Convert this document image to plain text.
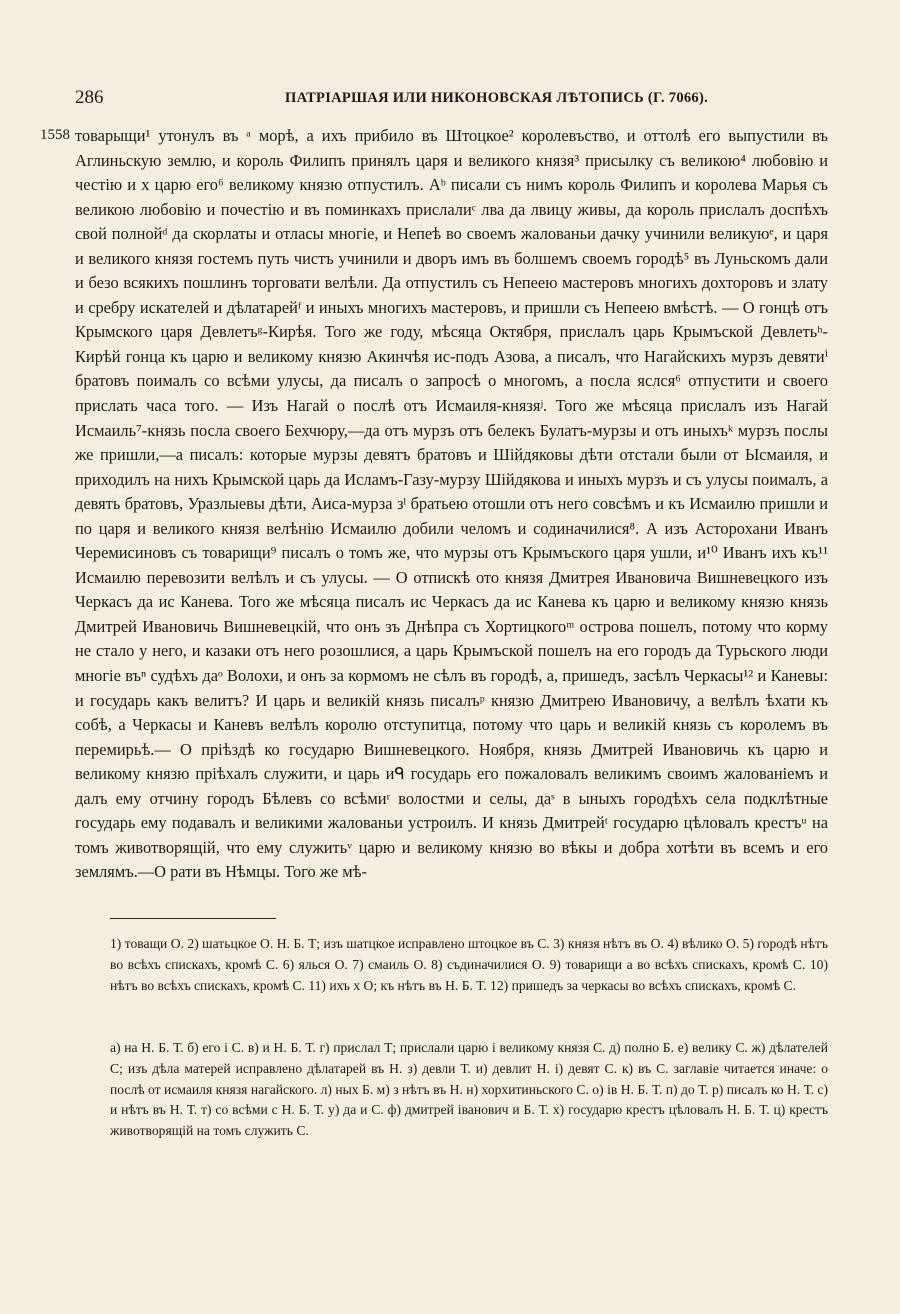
286	ПАТРІАРШАЯ ИЛИ НИКОНОВСКАЯ ЛѢТОПИСЬ (Г. 7066).
1558 товарыщи¹ утонулъ въ ᵃ морѣ, а ихъ прибило въ Штоцкое² королевъство, и оттолѣ его выпустили въ Аглиньскую землю, и король Филипъ принялъ царя и великого князя³ присылку съ великою⁴ любовію и честію и х царю его⁶ великому князю отпустилъ. Аᵇ писали съ нимъ король Филипъ и королева Марья съ великою любовію и почестію и въ поминкахъ прислалиᶜ лва да лвицу живы, да король прислалъ доспѣхъ свой полнойᵈ да скорлаты и отласы многіе, и Непеѣ во своемъ жалованьи дачку учинили великуюᵉ, и царя и великого князя гостемъ путь чистъ учинили и дворъ имъ въ болшемъ своемъ городѣ⁵ въ Луньскомъ дали и безо всякихъ пошлинъ торговати велѣли. Да отпустилъ съ Непеею мастеровъ многихъ дохторовъ и злату и сребру искателей и дѣлатарейᶠ и иныхъ многихъ мастеровъ, и пришли съ Непеею вмѣстѣ. — О гонцѣ отъ Крымского царя Девлетъᵍ-Кирѣя. Того же году, мѣсяца Октября, прислалъ царь Крымъской Девлетьʰ-Кирѣй гонца къ царю и великому князю Акинчѣя ис-подъ Азова, а писалъ, что Нагайскихъ мурзъ девятиⁱ братовъ поималъ со всѣми улусы, да писалъ о запросѣ о многомъ, а посла яслся⁶ отпустити и своего прислать часа того. — Изъ Нагай о послѣ отъ Исмаиля-князяʲ. Того же мѣсяца прислалъ изъ Нагай Исмаиль⁷-князь посла своего Бехчюру,—да отъ мурзъ отъ белекъ Булатъ-мурзы и отъ иныхъᵏ мурзъ послы же пришли,—а писалъ: которые мурзы девятъ братовъ и Шійдяковы дѣти отстали были от Ысмаиля, и приходилъ на нихъ Крымской царь да Исламъ-Газу-мурзу Шійдякова и иныхъ мурзъ и съ улусы поималъ, а девять братовъ, Уразлыевы дѣти, Аиса-мурза зˡ братьею отошли отъ него совсѣмъ и къ Исмаилю пришли и по царя и великого князя велѣнію Исмаилю добили челомъ и содиначилися⁸. А изъ Асторохани Иванъ Черемисиновъ съ товарищи⁹ писалъ о томъ же, что мурзы отъ Крымъского царя ушли, и¹⁰ Иванъ ихъ къ¹¹ Исмаилю перевозити велѣлъ и съ улусы. — О отпискѣ ото князя Дмитрея Ивановича Вишневецкого изъ Черкасъ да ис Канева. Того же мѣсяца писалъ ис Черкасъ да ис Канева къ царю и великому князю князь Дмитрей Ивановичь Вишневецкій, что онъ зъ Днѣпра съ Хортицкогоᵐ острова пошелъ, потому что корму не стало у него, и казаки отъ него розошлися, а царь Крымъской пошелъ на его городъ да Турьского люди многіе въⁿ судѣхъ даᵒ Волохи, и онъ за кормомъ не сѣлъ въ городѣ, а, пришедъ, засѣлъ Черкасы¹² и Каневы: и государь какъ велитъ? И царь и великій князь писалъᵖ князю Дмитрею Ивановичу, а велѣлъ ѣхати къ собѣ, а Черкасы и Каневъ велѣлъ королю отступитца, потому что царь и великій князь съ королемъ въ перемирьѣ.— О пріѣздѣ ко государю Вишневецкого. Ноября, князь Дмитрей Ивановичь къ царю и великому князю пріѣхалъ служити, и царь иᑫ государь его пожаловалъ великимъ своимъ жалованіемъ и далъ ему отчину городъ Бѣлевъ со всѣмиʳ волостми и селы, даˢ в ыныхъ городѣхъ села подклѣтные государь ему подавалъ и великими жалованьи устроилъ. И князь Дмитрейᵗ государю цѣловалъ крестъᵘ на томъ животворящій, что ему служитьᵛ царю и великому князю во вѣкы и добра хотѣти въ всемъ и его землямъ.—О рати въ Нѣмцы. Того же мѣ-

1) товащи О. 2) шатьцкое О. Н. Б. Т; изъ шатцкое исправлено штоцкое въ С. 3) князя нѣтъ въ О. 4) вѣлико О. 5) городѣ нѣтъ во всѣхъ спискахъ, кромѣ С. 6) ялься О. 7) смаиль О. 8) съдиначилися О. 9) товарищи а во всѣхъ спискахъ, кромѣ С. 10) нѣтъ во всѣхъ спискахъ, кромѣ С. 11) ихъ х О; къ нѣтъ въ Н. Б. Т. 12) пришедъ за черкасы во всѣхъ спискахъ, кромѣ С.

а) на Н. Б. Т. б) его і С. в) и Н. Б. Т. г) прислал Т; прислали царю і великому князя С. д) полно Б. е) велику С. ж) дѣлателей С; изъ дѣла матерей исправлено дѣлатарей въ Н. з) девли Т. и) девлит Н. і) девят С. к) въ С. заглавіе читается иначе: о послѣ от исмаиля князя нагайского. л) ных Б. м) з нѣтъ въ Н. н) хорхитиньского С. о) ів Н. Б. Т. п) до Т. р) писалъ ко Н. Т. с) и нѣтъ въ Н. Т. т) со всѣми с Н. Б. Т. у) да и С. ф) дмитрей іванович и Б. Т. х) государю крестъ цѣловалъ Н. Б. Т. ц) крестъ животворящій на томъ служить С.
